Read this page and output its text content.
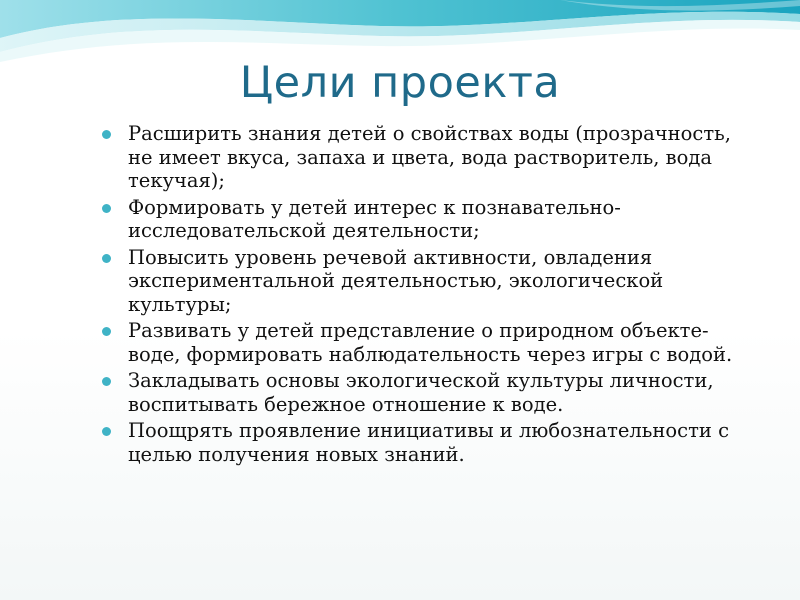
Цели проекта
Расширить знания детей о свойствах воды (прозрачность, не имеет вкуса, запаха и цвета, вода растворитель, вода текучая);
Формировать у детей интерес к познавательно-исследовательской деятельности;
Повысить уровень речевой активности, овладения экспериментальной деятельностью, экологической культуры;
Развивать у детей представление о природном объекте- воде, формировать наблюдательность через игры с водой.
Закладывать основы экологической культуры личности, воспитывать бережное отношение к воде.
Поощрять проявление инициативы и любознательности с целью получения новых знаний.
